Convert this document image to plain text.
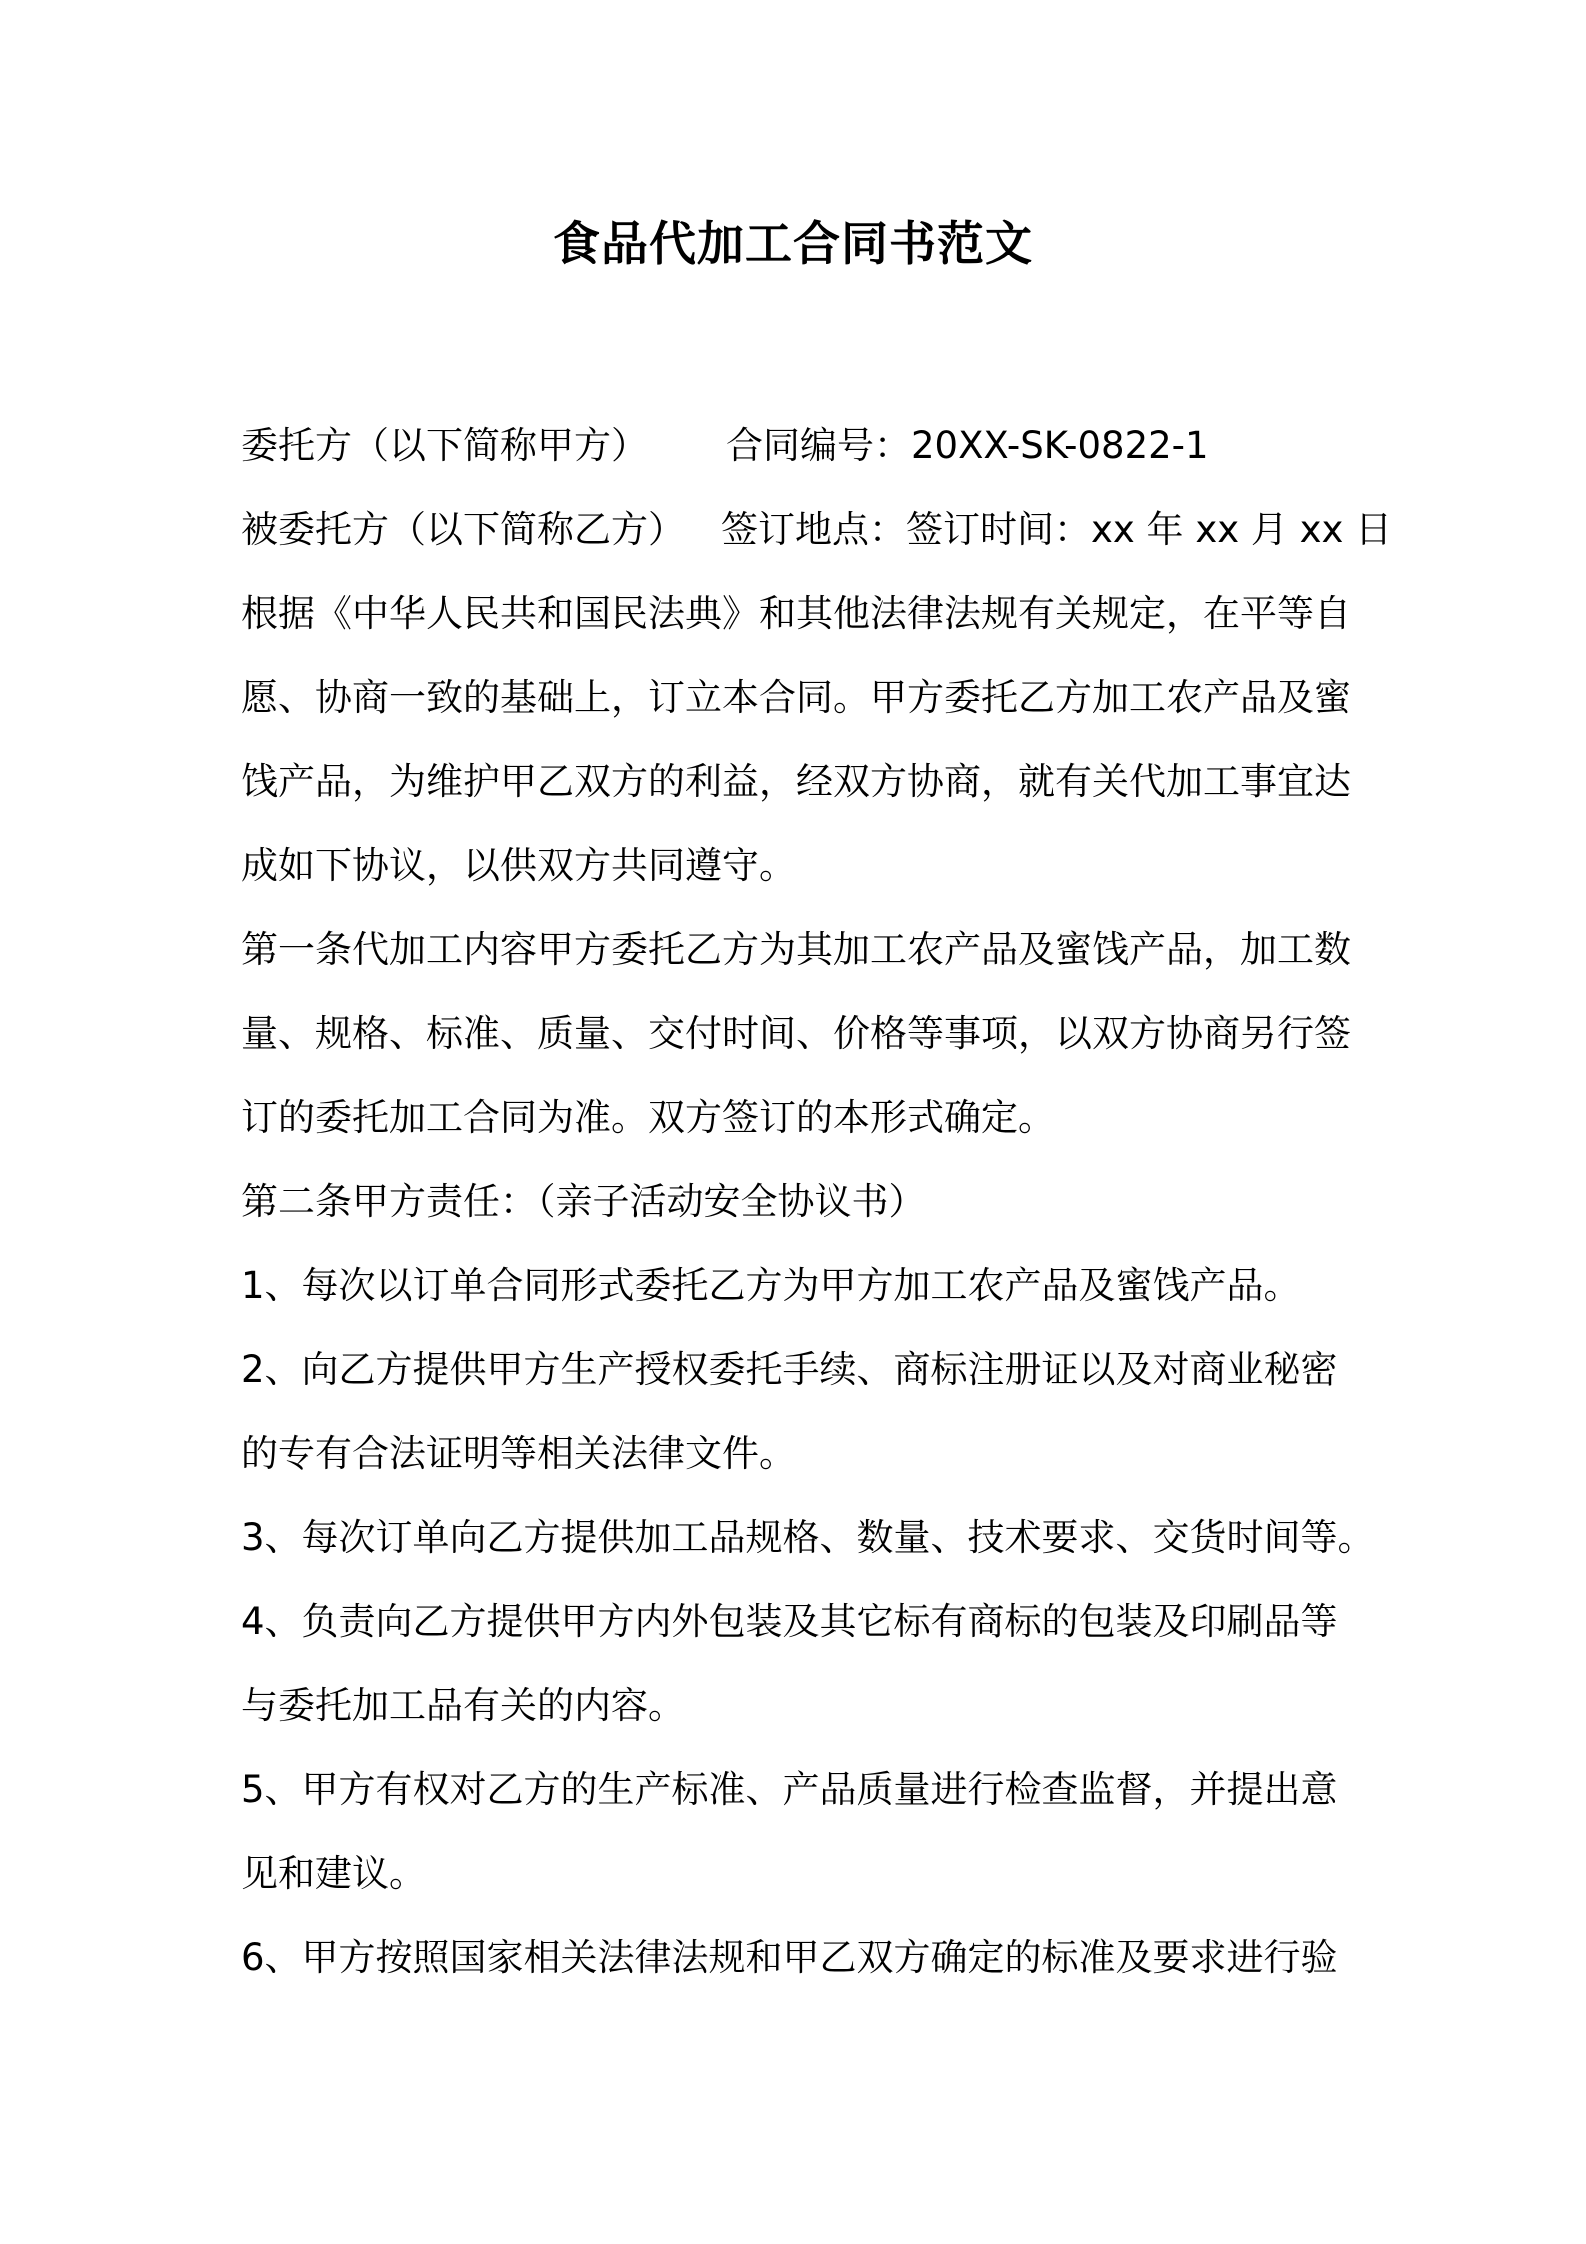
食品代加工合同书范文
委托方（以下简称甲方） 合同编号：20XX-SK-0822-1
被委托方（以下简称乙方） 签订地点：签订时间：xx 年 xx 月 xx 日
根据《中华人民共和国民法典》和其他法律法规有关规定，在平等自
愿、协商一致的基础上，订立本合同。甲方委托乙方加工农产品及蜜
饯产品，为维护甲乙双方的利益，经双方协商，就有关代加工事宜达
成如下协议，以供双方共同遵守。
第一条代加工内容甲方委托乙方为其加工农产品及蜜饯产品，加工数
量、规格、标准、质量、交付时间、价格等事项，以双方协商另行签
订的委托加工合同为准。双方签订的本形式确定。
第二条甲方责任：（亲子活动安全协议书）
1、每次以订单合同形式委托乙方为甲方加工农产品及蜜饯产品。
2、向乙方提供甲方生产授权委托手续、商标注册证以及对商业秘密
的专有合法证明等相关法律文件。
3、每次订单向乙方提供加工品规格、数量、技术要求、交货时间等。
4、负责向乙方提供甲方内外包装及其它标有商标的包装及印刷品等
与委托加工品有关的内容。
5、甲方有权对乙方的生产标准、产品质量进行检查监督，并提出意
见和建议。
6、甲方按照国家相关法律法规和甲乙双方确定的标准及要求进行验
